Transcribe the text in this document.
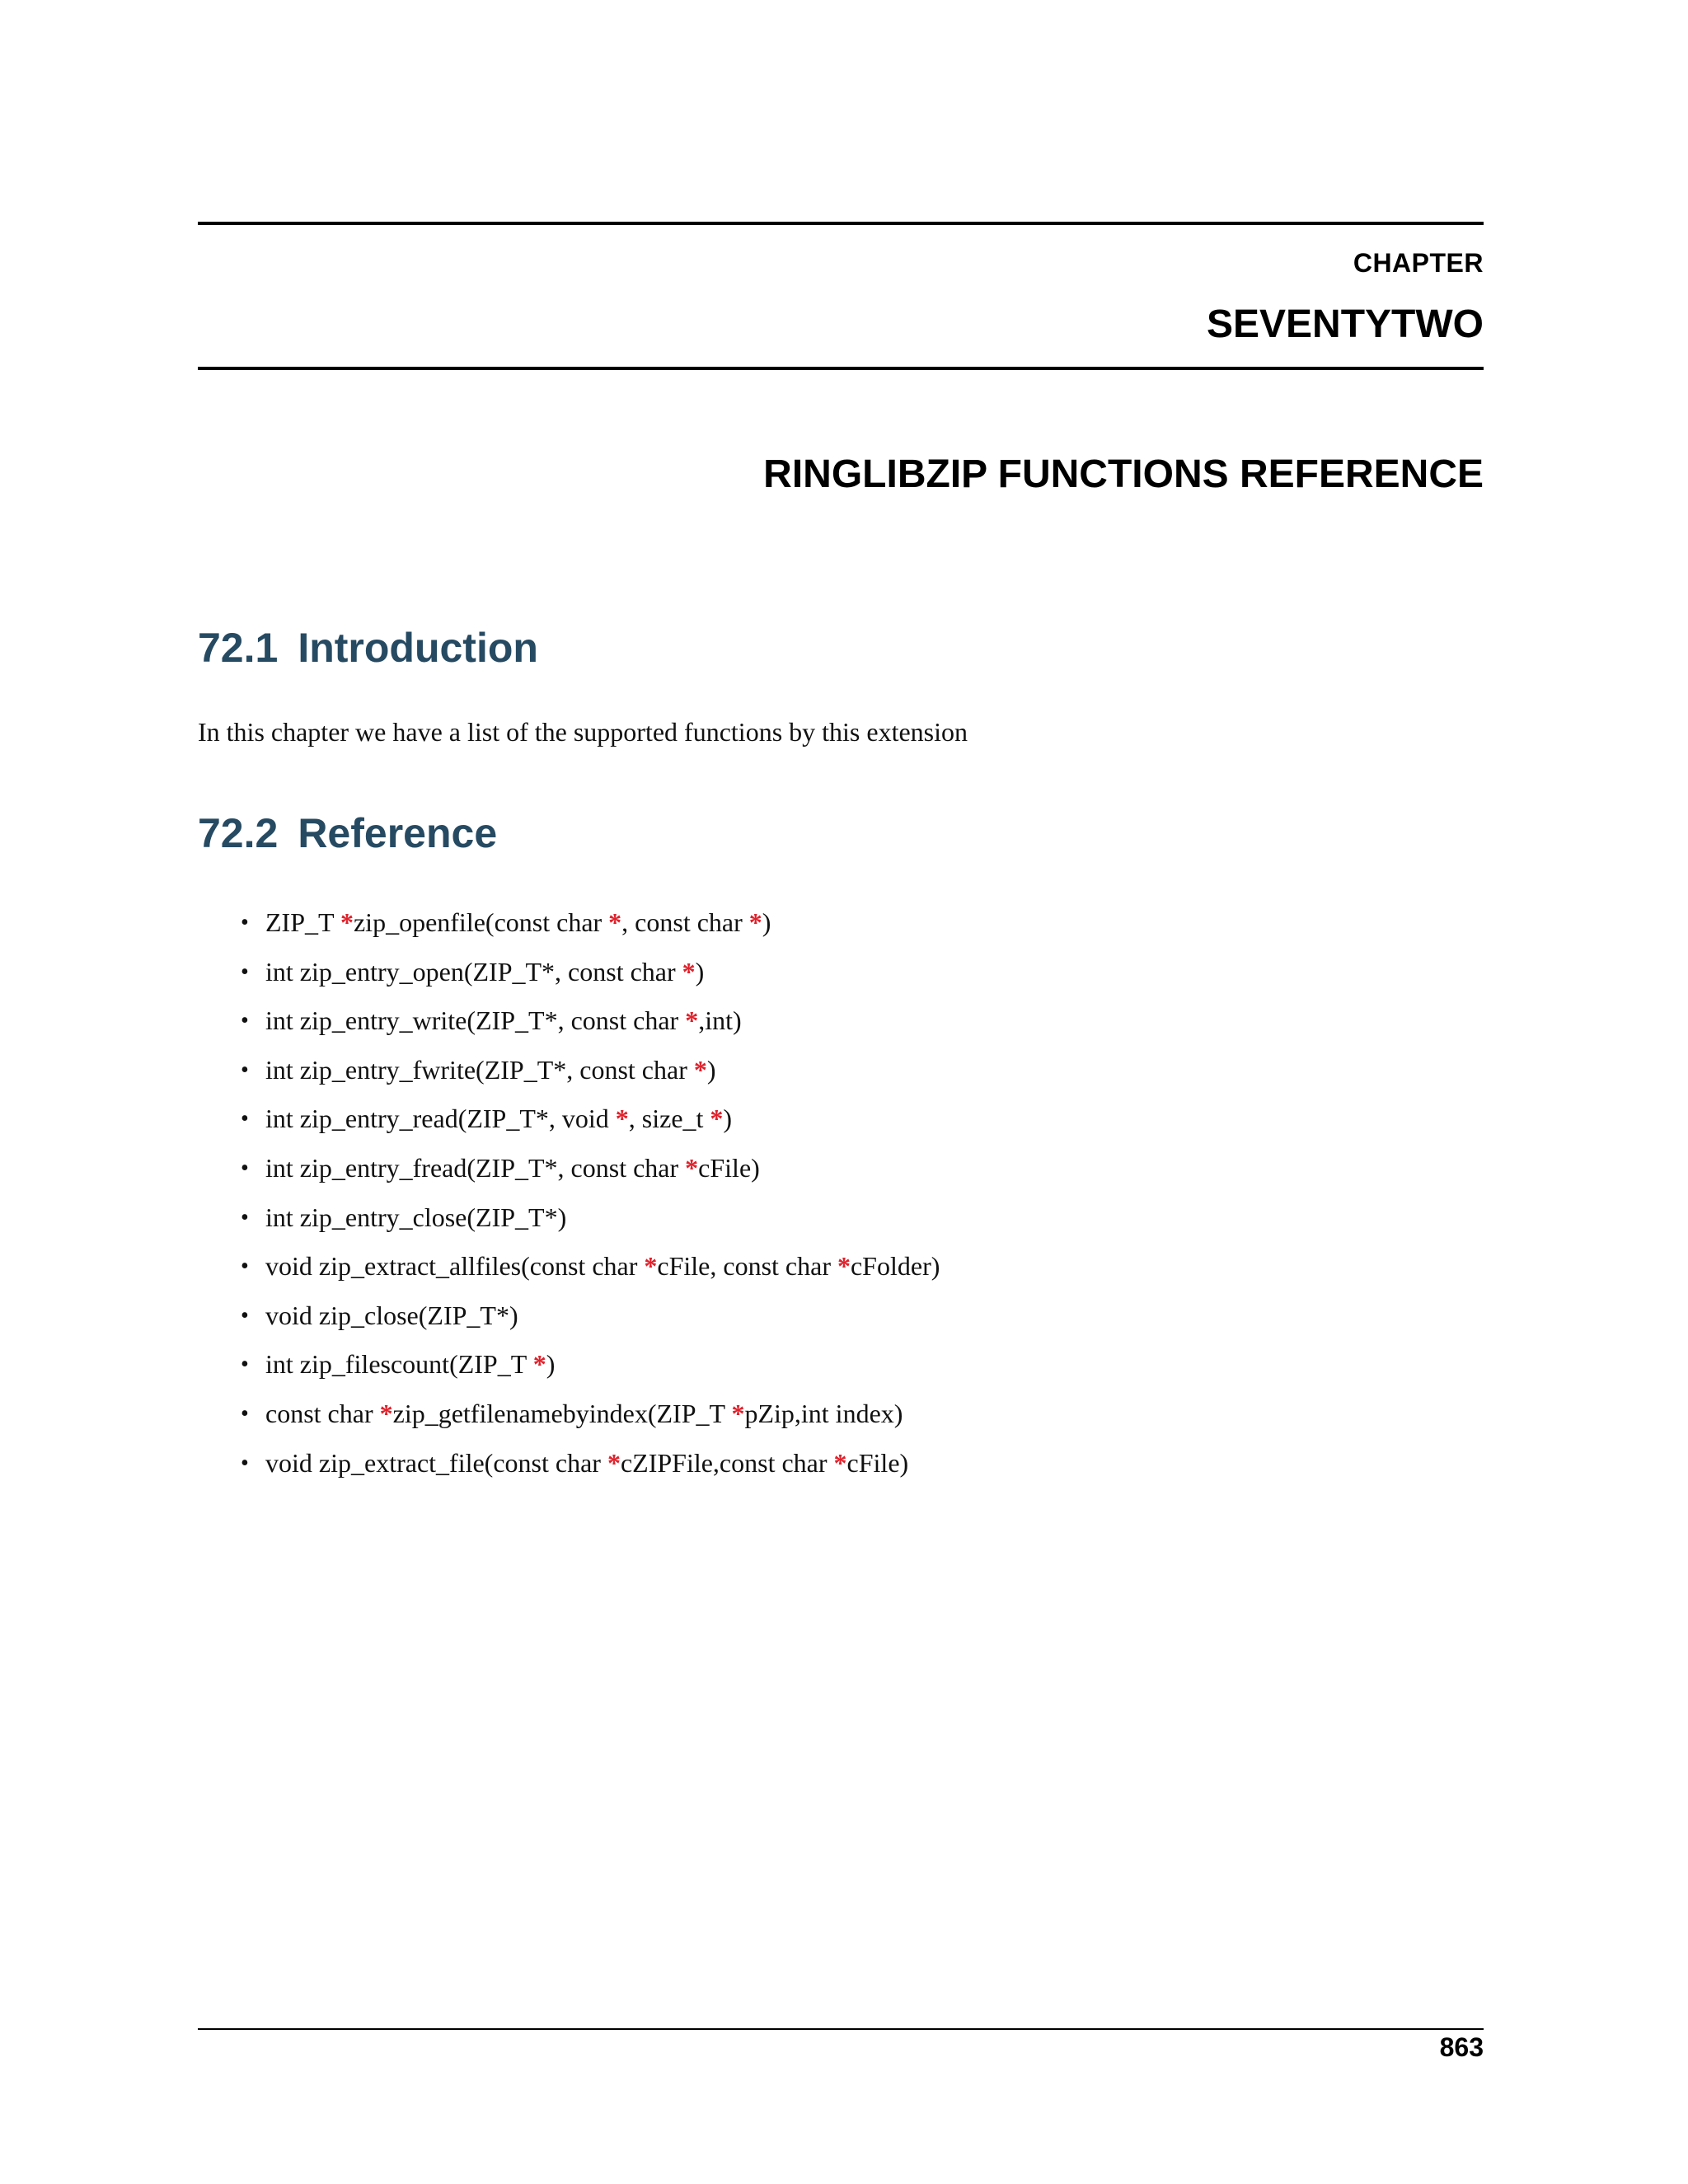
CHAPTER
SEVENTYTWO
RINGLIBZIP FUNCTIONS REFERENCE
72.1 Introduction

In this chapter we have a list of the supported functions by this extension

72.2 Reference
• ZIP_T *zip_openfile(const char *, const char *)
• int zip_entry_open(ZIP_T*, const char *)
• int zip_entry_write(ZIP_T*, const char *,int)
• int zip_entry_fwrite(ZIP_T*, const char *)
• int zip_entry_read(ZIP_T*, void *, size_t *)
• int zip_entry_fread(ZIP_T*, const char *cFile)
• int zip_entry_close(ZIP_T*)
• void zip_extract_allfiles(const char *cFile, const char *cFolder)
• void zip_close(ZIP_T*)
• int zip_filescount(ZIP_T *)
• const char *zip_getfilenamebyindex(ZIP_T *pZip,int index)
• void zip_extract_file(const char *cZIPFile,const char *cFile)
863
